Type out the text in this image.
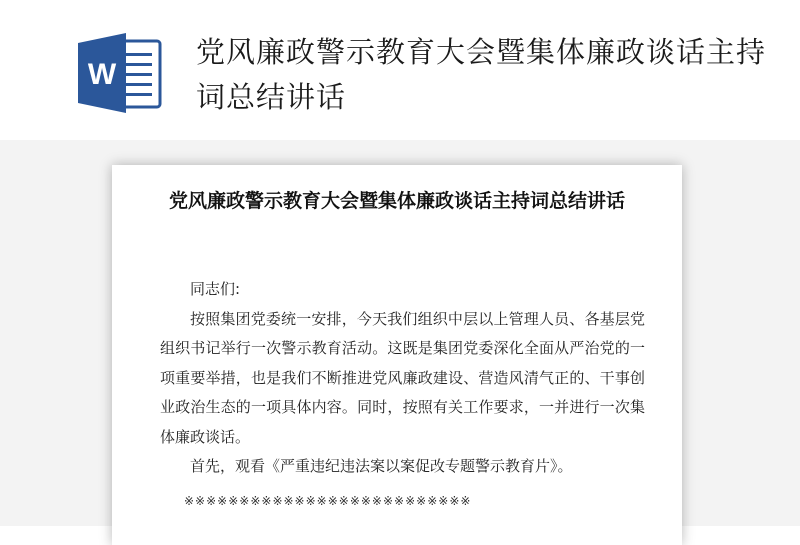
W
党风廉政警示教育大会暨集体廉政谈话主持词总结讲话
党风廉政警示教育大会暨集体廉政谈话主持词总结讲话

同志们:

按照集团党委统一安排，今天我们组织中层以上管理人员、各基层党组织书记举行一次警示教育活动。这既是集团党委深化全面从严治党的一项重要举措，也是我们不断推进党风廉政建设、营造风清气正的、干事创业政治生态的一项具体内容。同时，按照有关工作要求，一并进行一次集体廉政谈话。

首先，观看《严重违纪违法案以案促改专题警示教育片》。

※※※※※※※※※※※※※※※※※※※※※※※※※※
